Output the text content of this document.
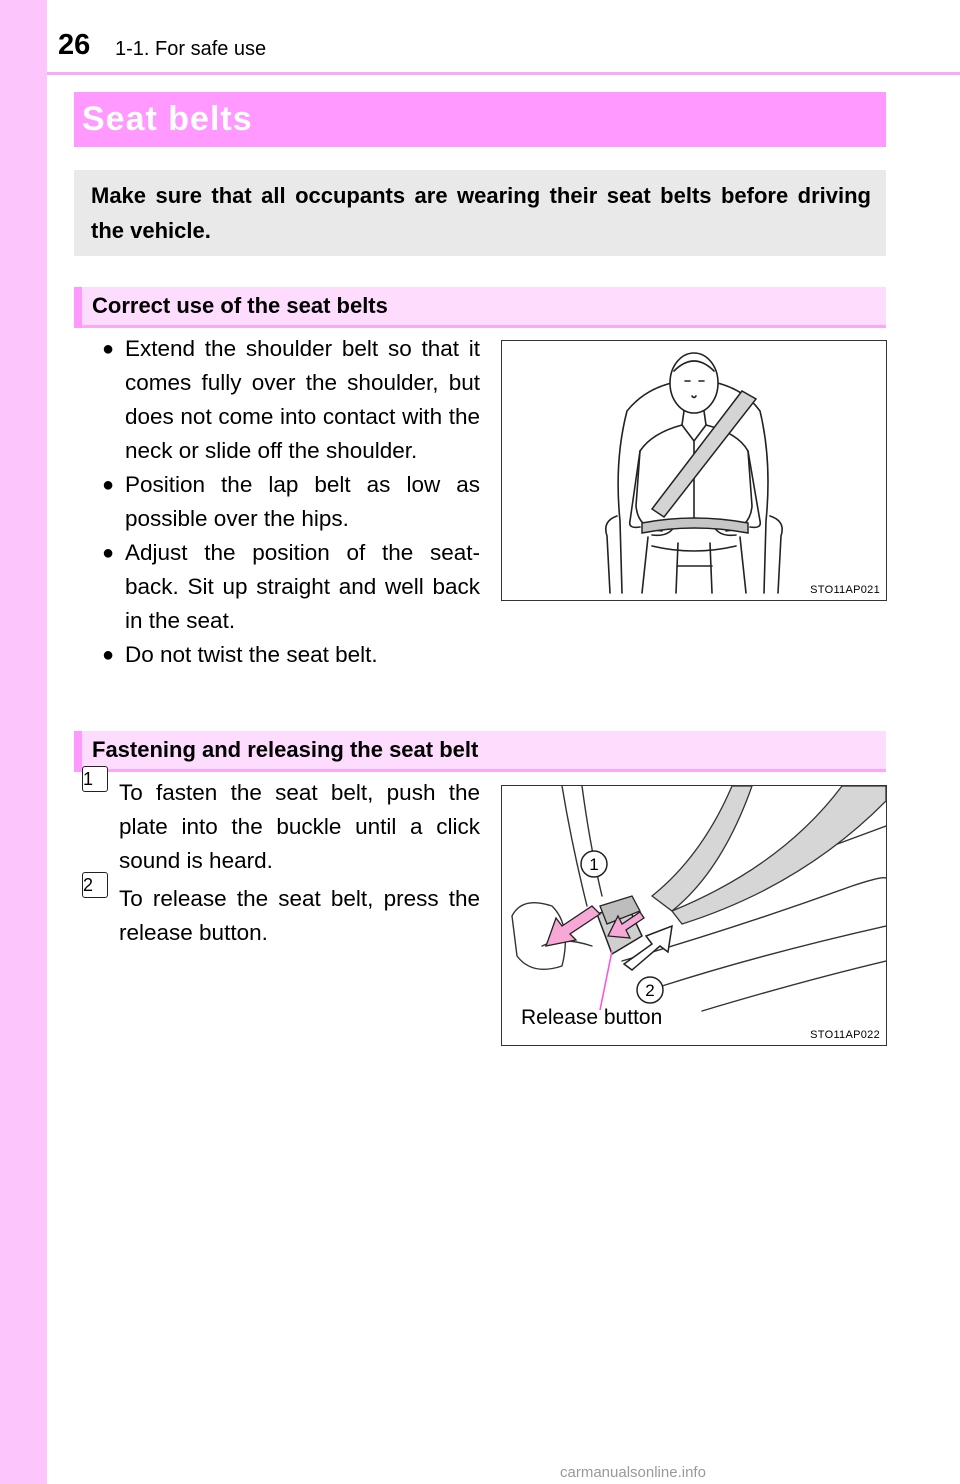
26 1-1. For safe use
Seat belts
Make sure that all occupants are wearing their seat belts before driving the vehicle.
Correct use of the seat belts
● Extend the shoulder belt so that it comes fully over the shoulder, but does not come into contact with the neck or slide off the shoulder.
● Position the lap belt as low as possible over the hips.
● Adjust the position of the seat-back. Sit up straight and well back in the seat.
● Do not twist the seat belt.
STO11AP021
Fastening and releasing the seat belt
1
To fasten the seat belt, push the plate into the buckle until a click sound is heard.
2
To release the seat belt, press the release button.
1
2
Release button
STO11AP022
carmanualsonline.info
